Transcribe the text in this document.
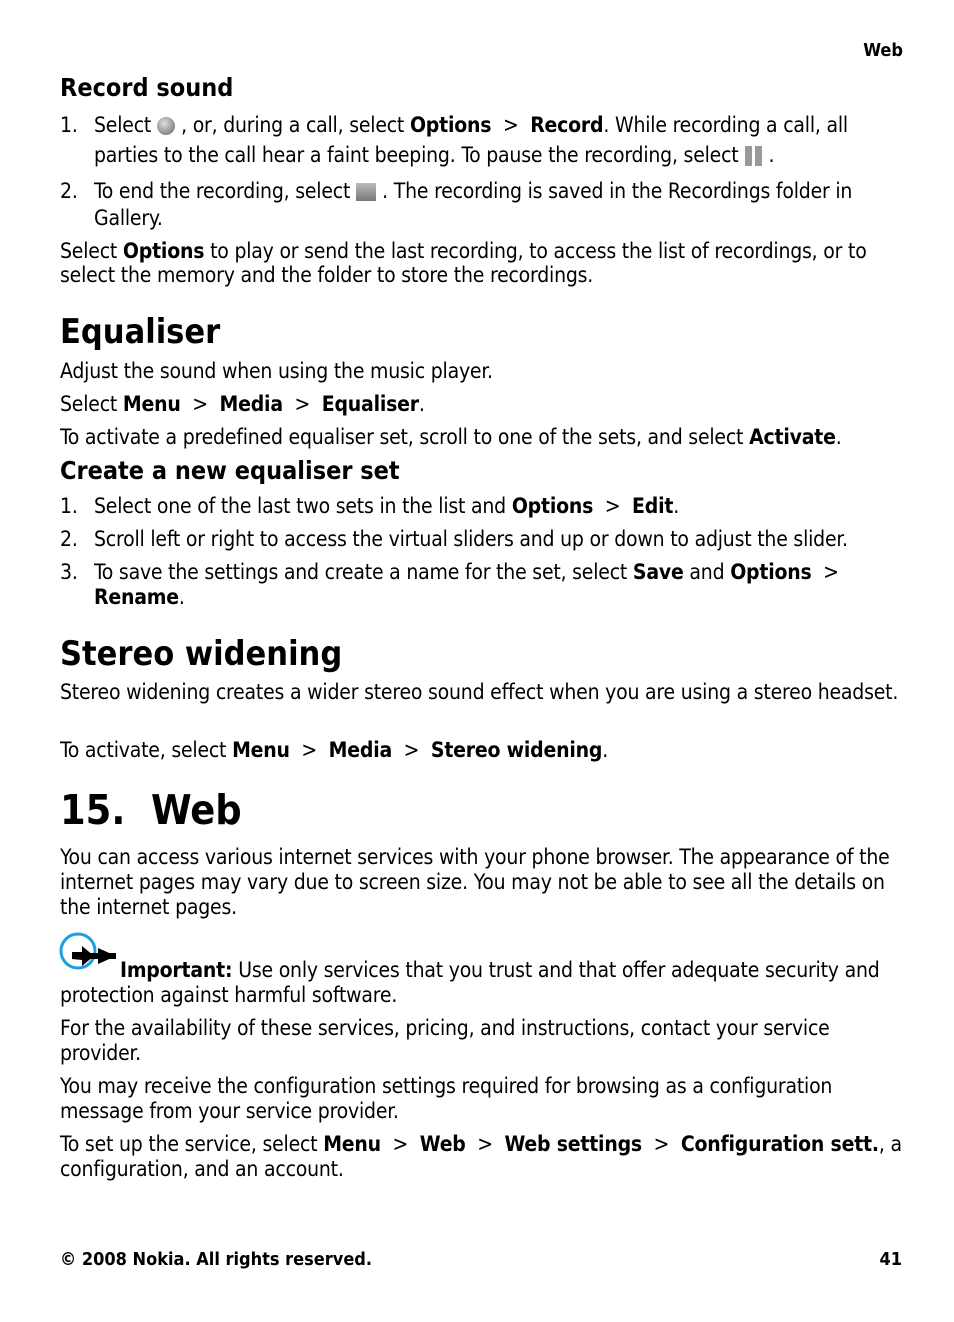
Web
Record sound

1. Select , or, during a call, select Options > Record. While recording a call, all parties to the call hear a faint beeping. To pause the recording, select .

2. To end the recording, select . The recording is saved in the Recordings folder in Gallery.

Select Options to play or send the last recording, to access the list of recordings, or to select the memory and the folder to store the recordings.

Equaliser

Adjust the sound when using the music player.

Select Menu > Media > Equaliser.

To activate a predefined equaliser set, scroll to one of the sets, and select Activate.

Create a new equaliser set

1. Select one of the last two sets in the list and Options > Edit.

2. Scroll left or right to access the virtual sliders and up or down to adjust the slider.

3. To save the settings and create a name for the set, select Save and Options >
Rename.

Stereo widening

Stereo widening creates a wider stereo sound effect when you are using a stereo headset.

To activate, select Menu > Media > Stereo widening.

15. Web

You can access various internet services with your phone browser. The appearance of the internet pages may vary due to screen size. You may not be able to see all the details on the internet pages.

Important: Use only services that you trust and that offer adequate security and protection against harmful software.

For the availability of these services, pricing, and instructions, contact your service provider.

You may receive the configuration settings required for browsing as a configuration message from your service provider.

To set up the service, select Menu > Web > Web settings > Configuration sett., a configuration, and an account.

© 2008 Nokia. All rights reserved.	41
